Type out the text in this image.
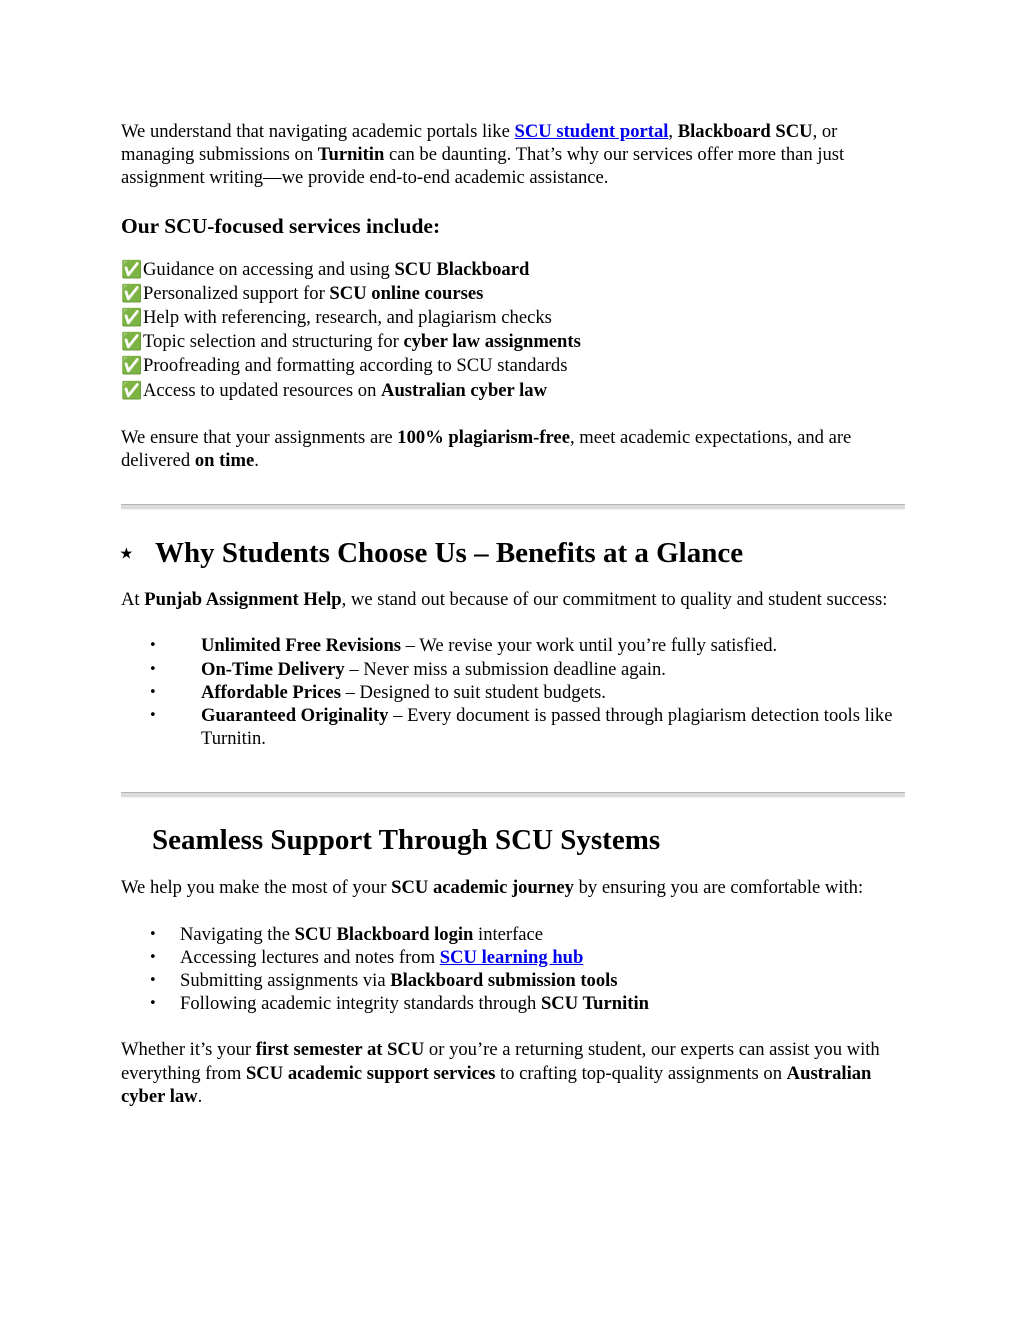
We understand that navigating academic portals like SCU student portal, Blackboard SCU, or managing submissions on Turnitin can be daunting. That’s why our services offer more than just assignment writing—we provide end-to-end academic assistance.

Our SCU-focused services include:
✅Guidance on accessing and using SCU Blackboard
✅Personalized support for SCU online courses
✅Help with referencing, research, and plagiarism checks
✅Topic selection and structuring for cyber law assignments
✅Proofreading and formatting according to SCU standards
✅Access to updated resources on Australian cyber law

We ensure that your assignments are 100% plagiarism-free, meet academic expectations, and are delivered on time.

⭑ Why Students Choose Us – Benefits at a Glance

At Punjab Assignment Help, we stand out because of our commitment to quality and student success:

• Unlimited Free Revisions – We revise your work until you’re fully satisfied.
• On-Time Delivery – Never miss a submission deadline again.
• Affordable Prices – Designed to suit student budgets.
• Guaranteed Originality – Every document is passed through plagiarism detection tools like Turnitin.
Seamless Support Through SCU Systems

We help you make the most of your SCU academic journey by ensuring you are comfortable with:

• Navigating the SCU Blackboard login interface
• Accessing lectures and notes from SCU learning hub
• Submitting assignments via Blackboard submission tools
• Following academic integrity standards through SCU Turnitin

Whether it’s your first semester at SCU or you’re a returning student, our experts can assist you with everything from SCU academic support services to crafting top-quality assignments on Australian cyber law.
